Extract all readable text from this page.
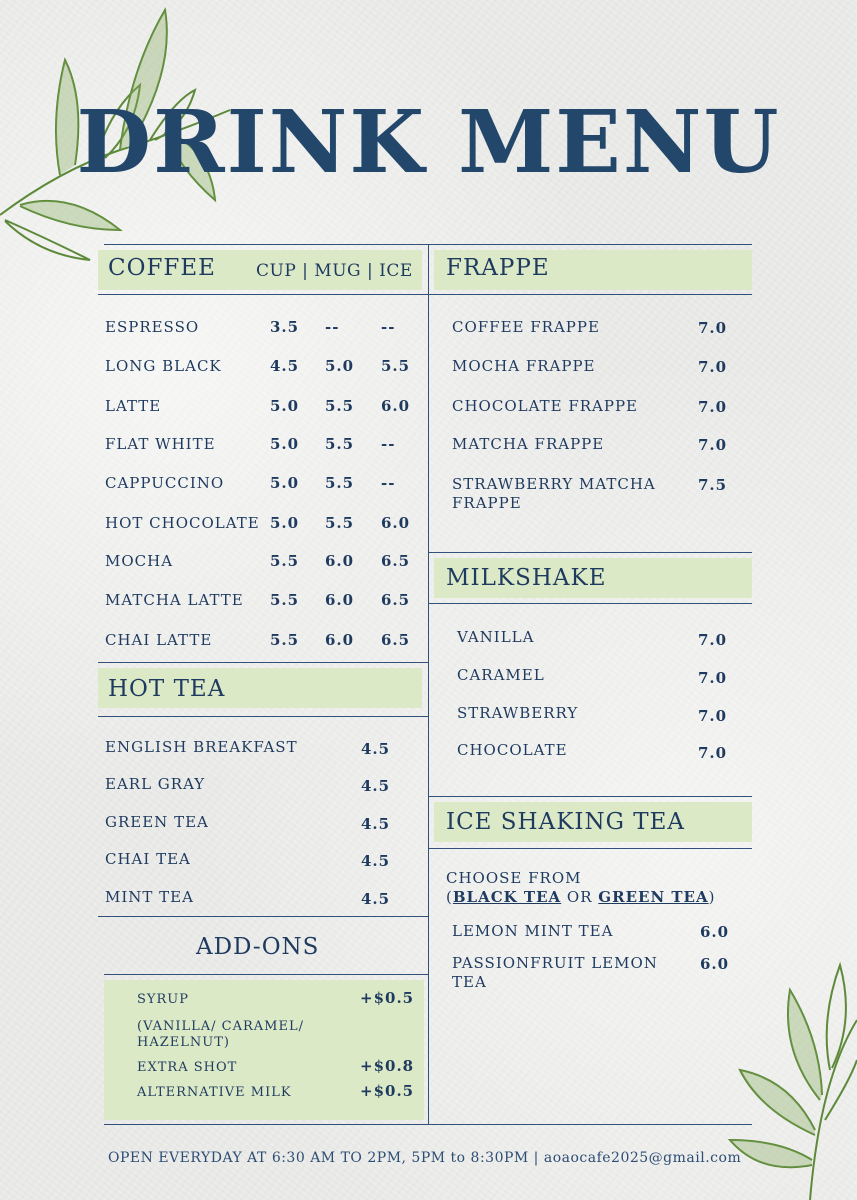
DRINK MENU
COFFEE CUP | MUG | ICE
ESPRESSO	3.5 --	--
LONG BLACK	4.5 5.0 5.5
LATTE	5.0 5.5 6.0
FLAT WHITE	5.0 5.5 --
CAPPUCCINO	5.0 5.5 --
HOT CHOCOLATE 5.0 5.5 6.0
MOCHA	5.5 6.0 6.5
MATCHA LATTE 5.5 6.0 6.5
CHAI LATTE	5.5 6.0 6.5
HOT TEA
ENGLISH BREAKFAST	4.5
EARL GRAY	4.5
GREEN TEA	4.5
CHAI TEA	4.5
MINT TEA	4.5
ADD-ONS
SYRUP	+$0.5
(VANILLA/ CARAMEL/
HAZELNUT)
EXTRA SHOT	+$0.8
ALTERNATIVE MILK	+$0.5
FRAPPE
COFFEE FRAPPE	7.0
MOCHA FRAPPE	7.0
CHOCOLATE FRAPPE	7.0
MATCHA FRAPPE	7.0
STRAWBERRY MATCHA
FRAPPE
7.5
MILKSHAKE
VANILLA	7.0
CARAMEL	7.0
STRAWBERRY	7.0
CHOCOLATE	7.0
ICE SHAKING TEA
CHOOSE FROM
(BLACK TEA OR GREEN TEA)
LEMON MINT TEA	6.0
PASSIONFRUIT LEMON
TEA
6.0
OPEN EVERYDAY AT 6:30 AM TO 2PM, 5PM to 8:30PM | aoaocafe2025@gmail.com
